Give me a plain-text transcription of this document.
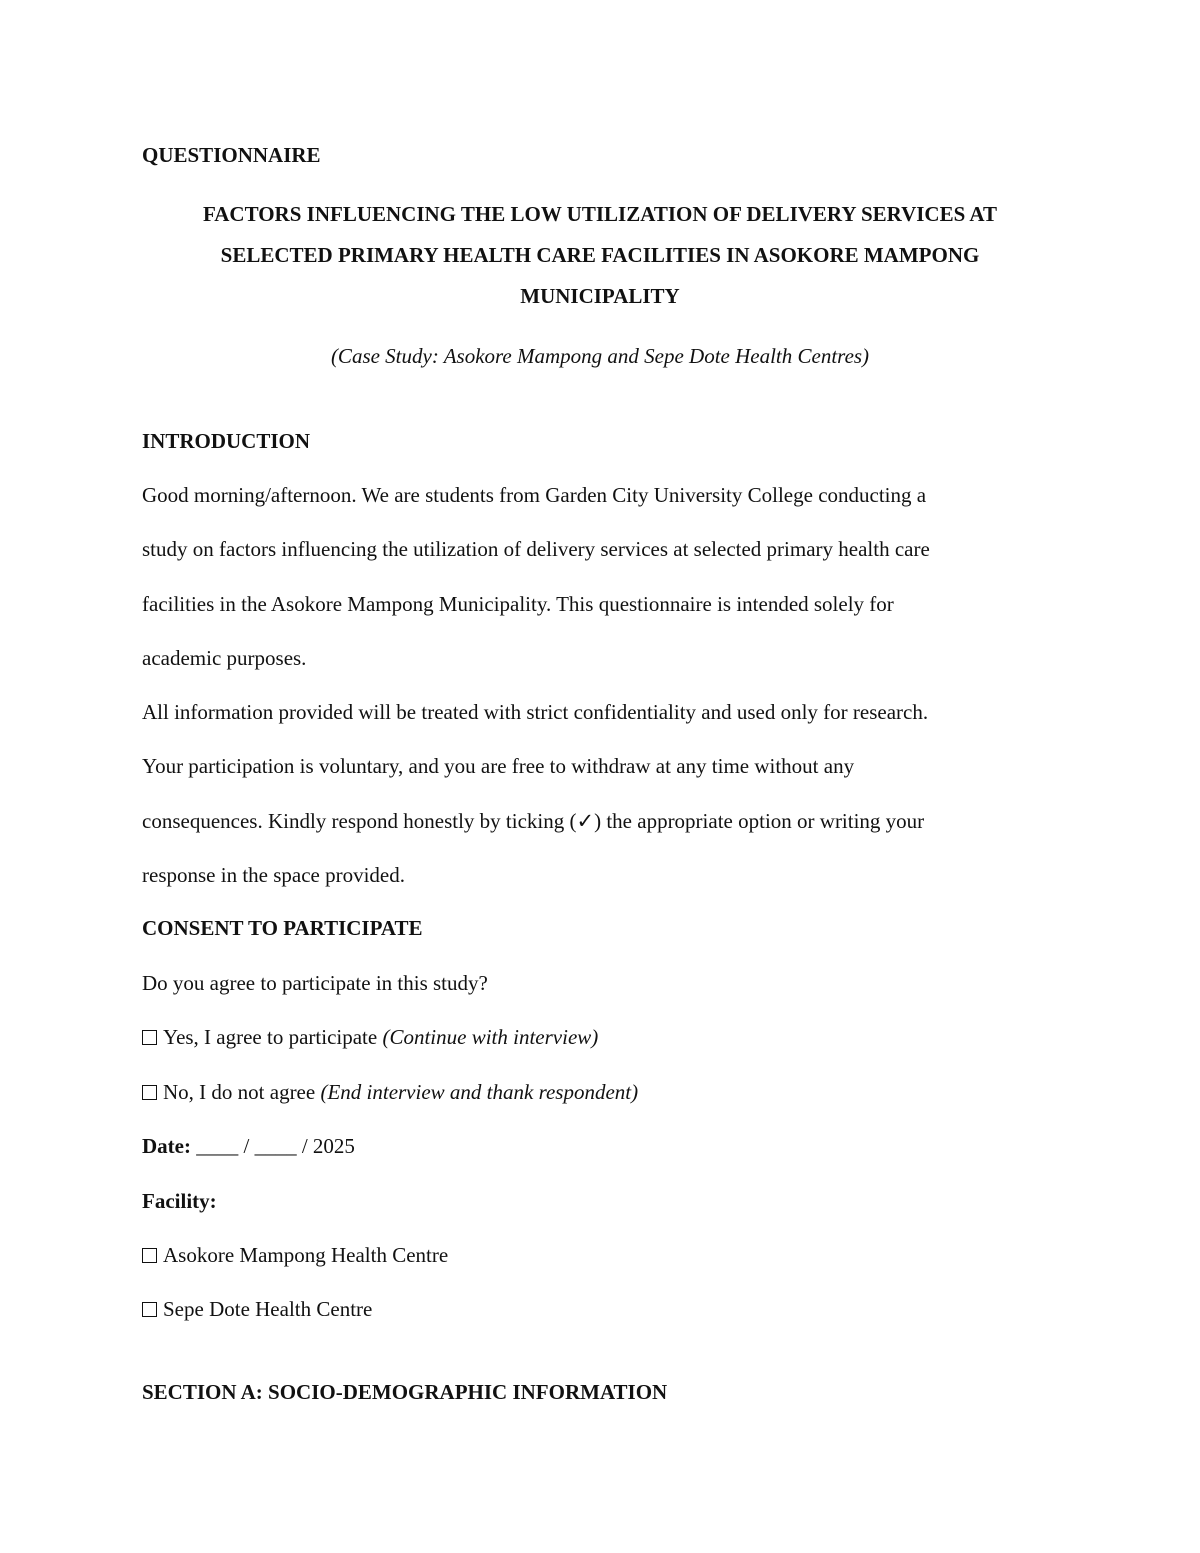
QUESTIONNAIRE
FACTORS INFLUENCING THE LOW UTILIZATION OF DELIVERY SERVICES AT
SELECTED PRIMARY HEALTH CARE FACILITIES IN ASOKORE MAMPONG
MUNICIPALITY
(Case Study: Asokore Mampong and Sepe Dote Health Centres)
INTRODUCTION
Good morning/afternoon. We are students from Garden City University College conducting a
study on factors influencing the utilization of delivery services at selected primary health care
facilities in the Asokore Mampong Municipality. This questionnaire is intended solely for
academic purposes.
All information provided will be treated with strict confidentiality and used only for research.
Your participation is voluntary, and you are free to withdraw at any time without any
consequences. Kindly respond honestly by ticking (✓) the appropriate option or writing your
response in the space provided.
CONSENT TO PARTICIPATE
Do you agree to participate in this study?
Yes, I agree to participate (Continue with interview)
No, I do not agree (End interview and thank respondent)
Date: ____ / ____ / 2025
Facility:
Asokore Mampong Health Centre
Sepe Dote Health Centre
SECTION A: SOCIO-DEMOGRAPHIC INFORMATION
